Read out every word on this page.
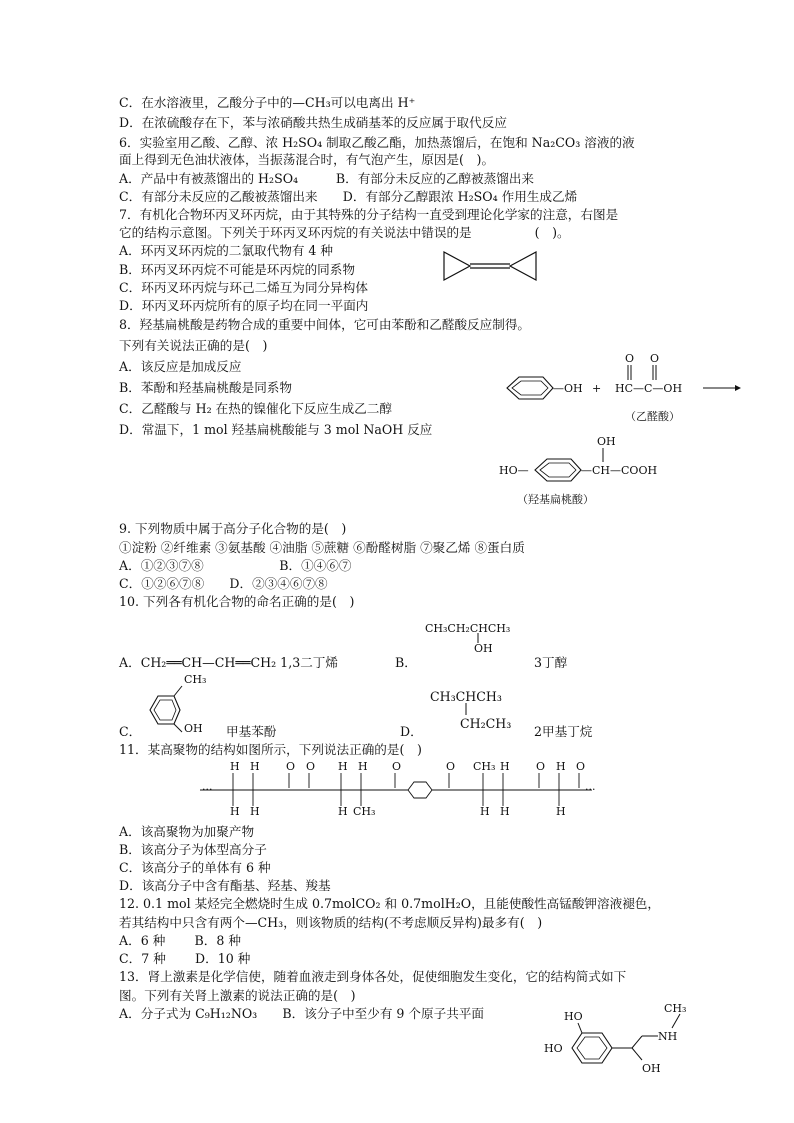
C．在水溶液里，乙酸分子中的—CH₃可以电离出 H⁺
D．在浓硫酸存在下，苯与浓硝酸共热生成硝基苯的反应属于取代反应
6．实验室用乙酸、乙醇、浓 H₂SO₄ 制取乙酸乙酯，加热蒸馏后，在饱和 Na₂CO₃ 溶液的液
面上得到无色油状液体，当振荡混合时，有气泡产生，原因是(　)。
A．产品中有被蒸馏出的 H₂SO₄　　　B．有部分未反应的乙醇被蒸馏出来
C．有部分未反应的乙酸被蒸馏出来　　D．有部分乙醇跟浓 H₂SO₄ 作用生成乙烯
7．有机化合物环丙叉环丙烷，由于其特殊的分子结构一直受到理论化学家的注意，右图是
它的结构示意图。下列关于环丙叉环丙烷的有关说法中错误的是　　　　　(　)。
A．环丙叉环丙烷的二氯取代物有 4 种
B．环丙叉环丙烷不可能是环丙烷的同系物
C．环丙叉环丙烷与环己二烯互为同分异构体
D．环丙叉环丙烷所有的原子均在同一平面内
8．羟基扁桃酸是药物合成的重要中间体，它可由苯酚和乙醛酸反应制得。
下列有关说法正确的是(　)
A．该反应是加成反应
B．苯酚和羟基扁桃酸是同系物
C．乙醛酸与 H₂ 在热的镍催化下反应生成乙二醇
D．常温下，1 mol 羟基扁桃酸能与 3 mol NaOH 反应
9. 下列物质中属于高分子化合物的是(　)
①淀粉 ②纤维素 ③氨基酸 ④油脂 ⑤蔗糖 ⑥酚醛树脂 ⑦聚乙烯 ⑧蛋白质
A．①②③⑦⑧　　　　　　B．①④⑥⑦
C．①②⑥⑦⑧　　D．②③④⑥⑦⑧
10. 下列各有机化合物的命名正确的是(　)
11．某高聚物的结构如图所示，下列说法正确的是(　)
A．该高聚物为加聚产物
B．该高分子为体型高分子
C．该高分子的单体有 6 种
D．该高分子中含有酯基、羟基、羧基
12. 0.1 mol 某烃完全燃烧时生成 0.7molCO₂ 和 0.7molH₂O，且能使酸性高锰酸钾溶液褪色，
若其结构中只含有两个—CH₃，则该物质的结构(不考虑顺反异构)最多有(　)
A．6 种　　 B．8 种
C．7 种　　 D．10 种
13．肾上激素是化学信使，随着血液走到身体各处，促使细胞发生变化，它的结构简式如下
图。下列有关肾上激素的说法正确的是(　)
A．分子式为 C₉H₁₂NO₃　　B．该分子中至少有 9 个原子共平面
—OH +
O O
HC—C—OH
（乙醛酸）
OH
HO—	—CH—COOH
（羟基扁桃酸）
A．CH₂══CH—CH══CH₂ 1,3二丁烯
CH₃CH₂CHCH₃
OH
B．	3丁醇
C．
CH₃
OH 甲基苯酚	D．
CH₃CHCH₃
CH₂CH₃
2甲基丁烷
···
H H
H H
O O H H
H CH₃
O	O CH₃ H
H H
O H O
H
···
HO
HO
NH
CH₃
OH
